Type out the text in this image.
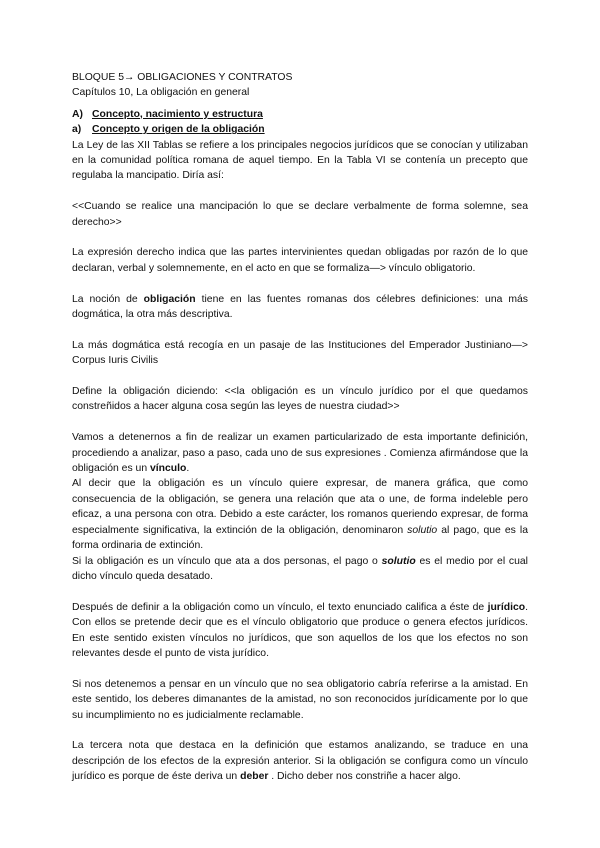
BLOQUE 5→ OBLIGACIONES Y CONTRATOS
Capítulos 10, La obligación en general
A) Concepto, nacimiento y estructura
a) Concepto y origen de la obligación

La Ley de las XII Tablas se refiere a los principales negocios jurídicos que se conocían y utilizaban en la comunidad política romana de aquel tiempo. En la Tabla VI se contenía un precepto que regulaba la mancipatio. Diría así:

<<Cuando se realice una mancipación lo que se declare verbalmente de forma solemne, sea derecho>>

La expresión derecho indica que las partes intervinientes quedan obligadas por razón de lo que declaran, verbal y solemnemente, en el acto en que se formaliza—> vínculo obligatorio.

La noción de obligación tiene en las fuentes romanas dos célebres definiciones: una más dogmática, la otra más descriptiva.

La más dogmática está recogía en un pasaje de las Instituciones del Emperador Justiniano—> Corpus Iuris Civilis

Define la obligación diciendo: <<la obligación es un vínculo jurídico por el que quedamos constreñidos a hacer alguna cosa según las leyes de nuestra ciudad>>

Vamos a detenernos a fin de realizar un examen particularizado de esta importante definición, procediendo a analizar, paso a paso, cada uno de sus expresiones . Comienza afirmándose que la obligación es un vínculo.

Al decir que la obligación es un vínculo quiere expresar, de manera gráfica, que como consecuencia de la obligación, se genera una relación que ata o une, de forma indeleble pero eficaz, a una persona con otra. Debido a este carácter, los romanos queriendo expresar, de forma especialmente significativa, la extinción de la obligación, denominaron solutio al pago, que es la forma ordinaria de extinción.

Si la obligación es un vínculo que ata a dos personas, el pago o solutio es el medio por el cual dicho vínculo queda desatado.

Después de definir a la obligación como un vínculo, el texto enunciado califica a éste de jurídico. Con ellos se pretende decir que es el vínculo obligatorio que produce o genera efectos jurídicos. En este sentido existen vínculos no jurídicos, que son aquellos de los que los efectos no son relevantes desde el punto de vista jurídico.

Si nos detenemos a pensar en un vínculo que no sea obligatorio cabría referirse a la amistad. En este sentido, los deberes dimanantes de la amistad, no son reconocidos jurídicamente por lo que su incumplimiento no es judicialmente reclamable.

La tercera nota que destaca en la definición que estamos analizando, se traduce en una descripción de los efectos de la expresión anterior. Si la obligación se configura como un vínculo jurídico es porque de éste deriva un deber . Dicho deber nos constriñe a hacer algo.
